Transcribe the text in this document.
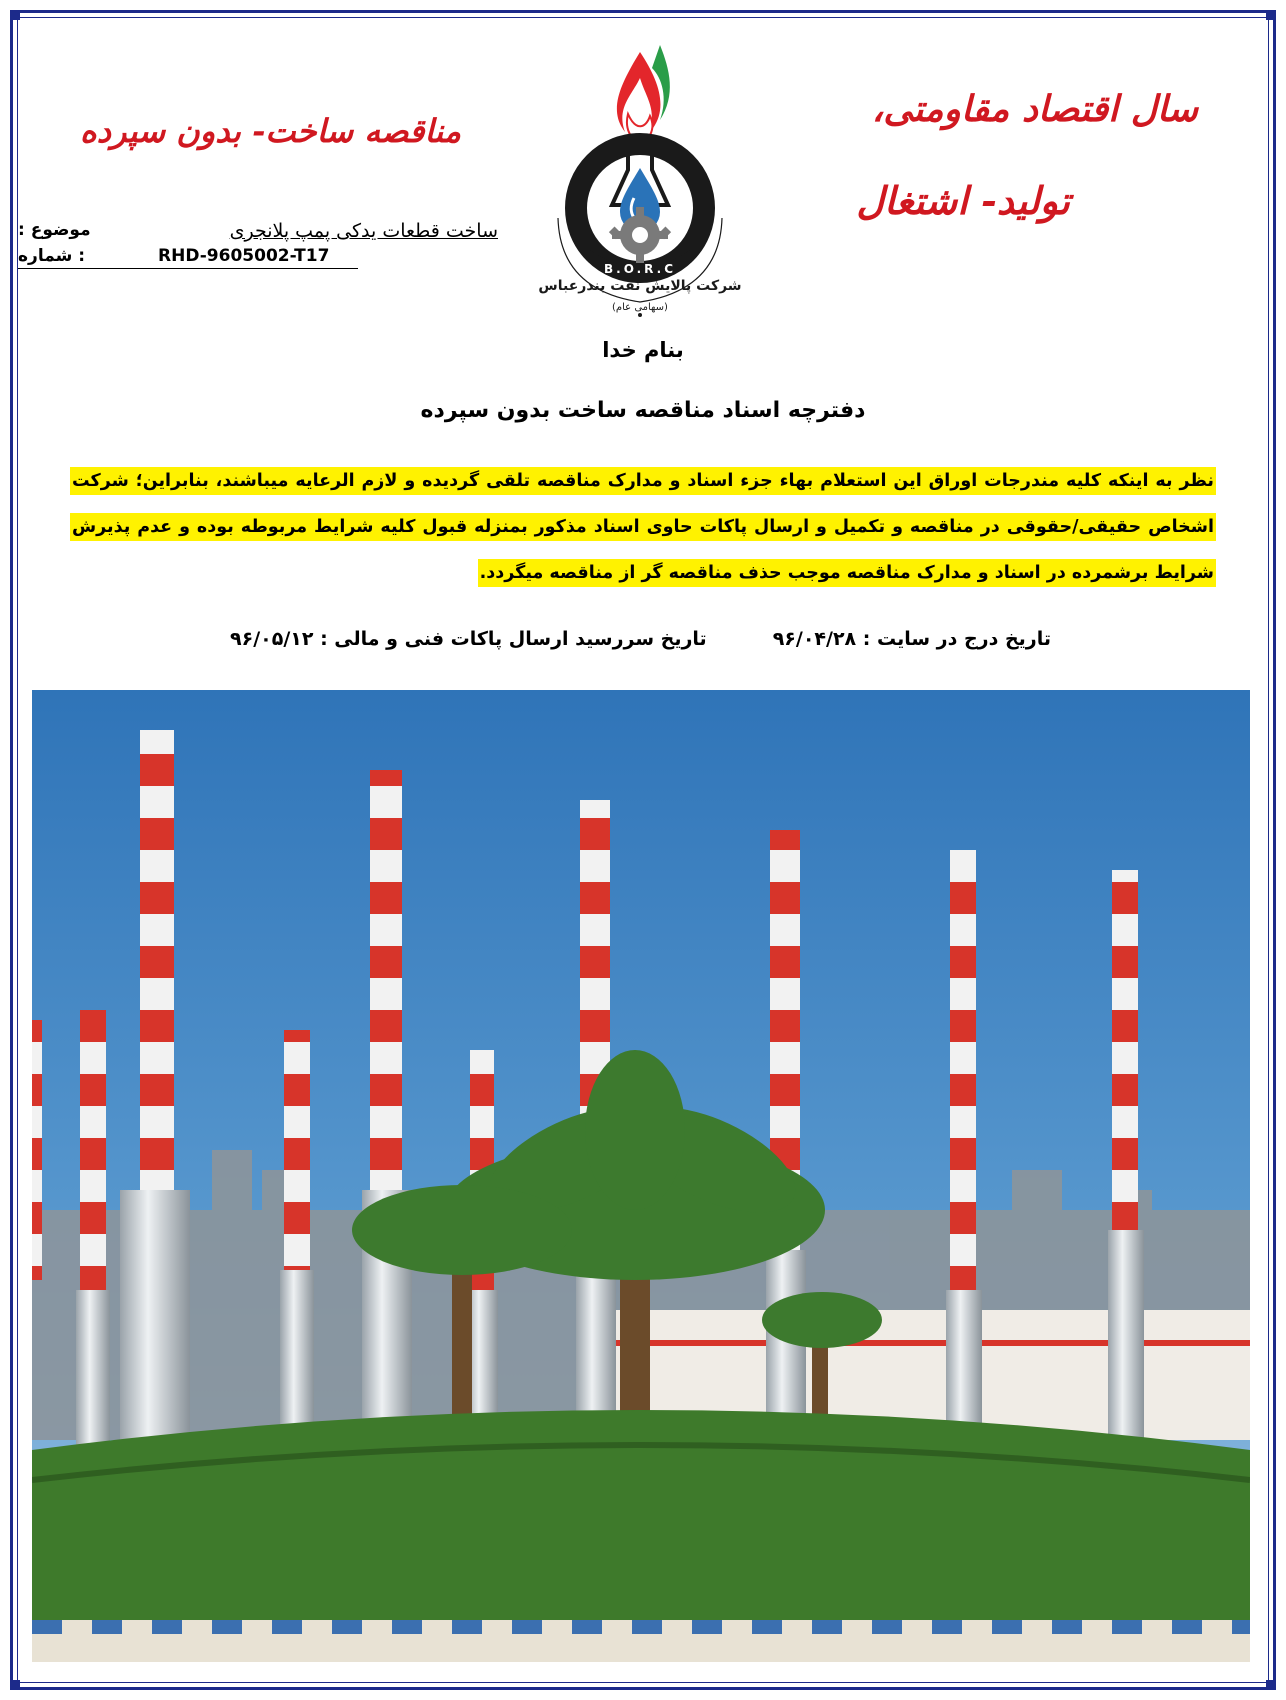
سال اقتصاد مقاومتی،
تولید- اشتغال
مناقصه ساخت- بدون سپرده
موضوع :	ساخت قطعات یدکی پمپ پلانجری
: شماره	RHD-9605002-T17
B.O.R.C
شرکت پالایش نفت بندرعباس
(سهامی عام)
بنام خدا
دفترچه اسناد مناقصه ساخت بدون سپرده
نظر به اینکه کلیه مندرجات اوراق این استعلام بهاء جزء اسناد و مدارک مناقصه تلقی گردیده و لازم الرعایه میباشند، بنابراین؛ شرکت اشخاص حقیقی/حقوقی در مناقصه و تکمیل و ارسال پاکات حاوی اسناد مذکور بمنزله قبول کلیه شرایط مربوطه بوده و عدم پذیرش شرایط برشمرده در اسناد و مدارک مناقصه موجب حذف مناقصه گر از مناقصه میگردد.
تاریخ درج در سایت : ۹۶/۰۴/۲۸
تاریخ سررسید ارسال پاکات فنی و مالی : ۹۶/۰۵/۱۲
